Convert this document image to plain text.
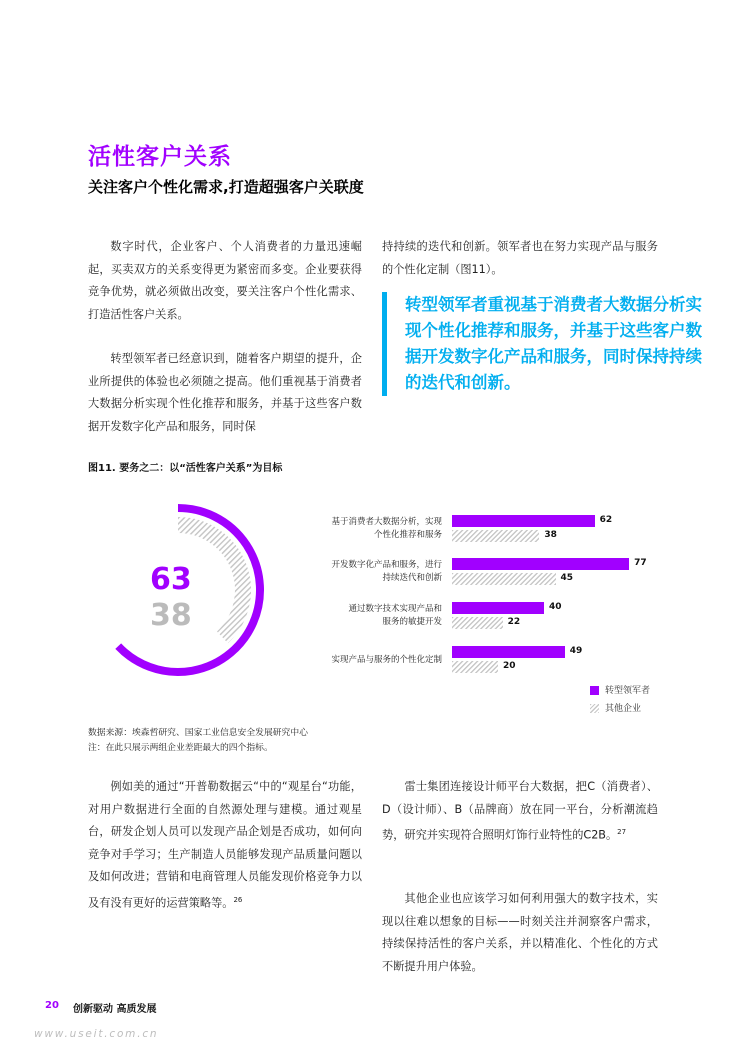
活性客户关系
关注客户个性化需求,打造超强客户关联度
数字时代，企业客户、个人消费者的力量迅速崛起，买卖双方的关系变得更为紧密而多变。企业要获得竞争优势，就必须做出改变，要关注客户个性化需求、打造活性客户关系。
转型领军者已经意识到，随着客户期望的提升，企业所提供的体验也必须随之提高。他们重视基于消费者大数据分析实现个性化推荐和服务，并基于这些客户数据开发数字化产品和服务，同时保
持持续的迭代和创新。领军者也在努力实现产品与服务的个性化定制（图11）。
转型领军者重视基于消费者大数据分析实现个性化推荐和服务，并基于这些客户数据开发数字化产品和服务，同时保持持续的迭代和创新。
图11. 要务之二：以“活性客户关系”为目标
63
38
基于消费者大数据分析，实现
个性化推荐和服务
62
38
开发数字化产品和服务，进行
持续迭代和创新
77
45
通过数字技术实现产品和
服务的敏捷开发
40
22
实现产品与服务的个性化定制
49
20
转型领军者
其他企业
数据来源：埃森哲研究、国家工业信息安全发展研究中心
注：在此只展示两组企业差距最大的四个指标。
例如美的通过“开普勒数据云“中的“观星台“功能，对用户数据进行全面的自然源处理与建模。通过观星台，研发企划人员可以发现产品企划是否成功，如何向竞争对手学习；生产制造人员能够发现产品质量问题以及如何改进；营销和电商管理人员能发现价格竞争力以及有没有更好的运营策略等。$^{26}$
雷士集团连接设计师平台大数据，把C（消费者）、D（设计师）、B（品牌商）放在同一平台，分析潮流趋势，研究并实现符合照明灯饰行业特性的C2B。$^{27}$
其他企业也应该学习如何利用强大的数字技术，实现以往难以想象的目标——时刻关注并洞察客户需求，持续保持活性的客户关系，并以精准化、个性化的方式不断提升用户体验。
20 创新驱动 高质发展
www.useit.com.cn
